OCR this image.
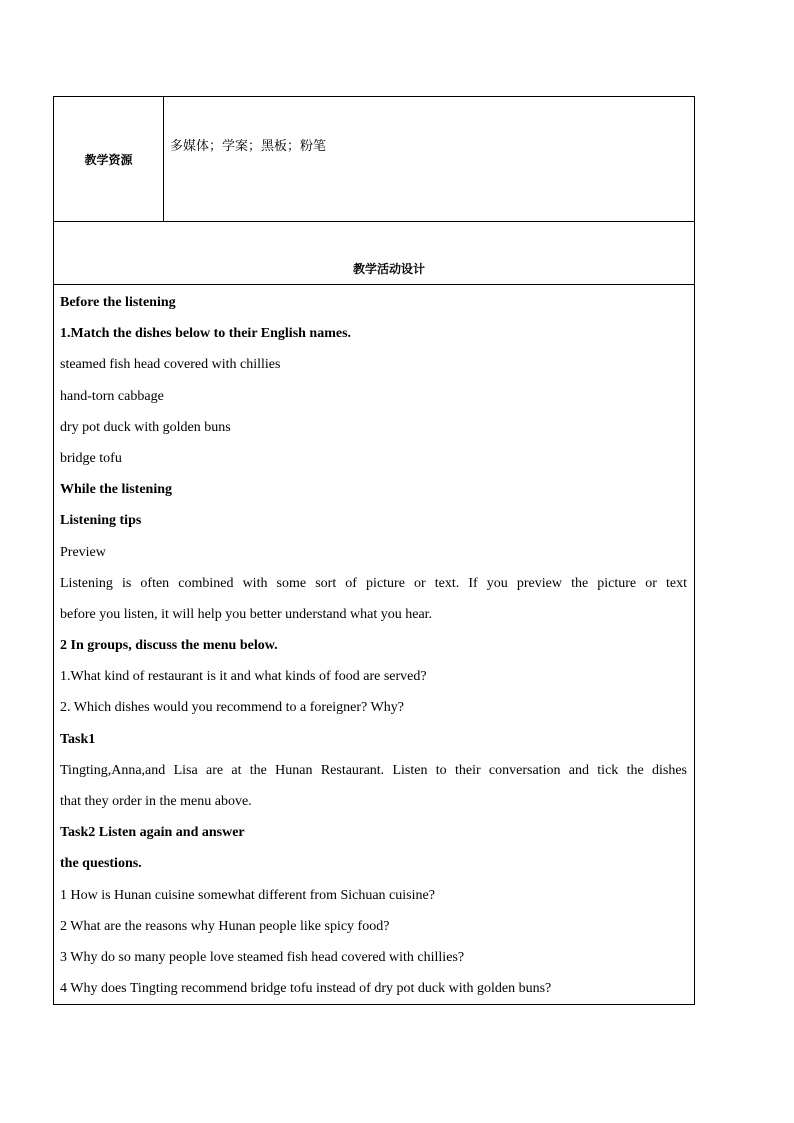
教学资源
多媒体；学案；黑板；粉笔
教学活动设计
Before the listening
1.Match the dishes below to their English names.
steamed fish head covered with chillies
hand-torn cabbage
dry pot duck with golden buns
bridge tofu
While the listening
Listening tips
Preview
Listening is often combined with some sort of picture or text. If you preview the picture or text
before you listen, it will help you better understand what you hear.
2 In groups, discuss the menu below.
1.What kind of restaurant is it and what kinds of food are served?
2. Which dishes would you recommend to a foreigner? Why?
Task1
Tingting,Anna,and Lisa are at the Hunan Restaurant. Listen to their conversation and tick the dishes
that they order in the menu above.
Task2 Listen again and answer
the questions.
1 How is Hunan cuisine somewhat different from Sichuan cuisine?
2 What are the reasons why Hunan people like spicy food?
3 Why do so many people love steamed fish head covered with chillies?
4 Why does Tingting recommend bridge tofu instead of dry pot duck with golden buns?
